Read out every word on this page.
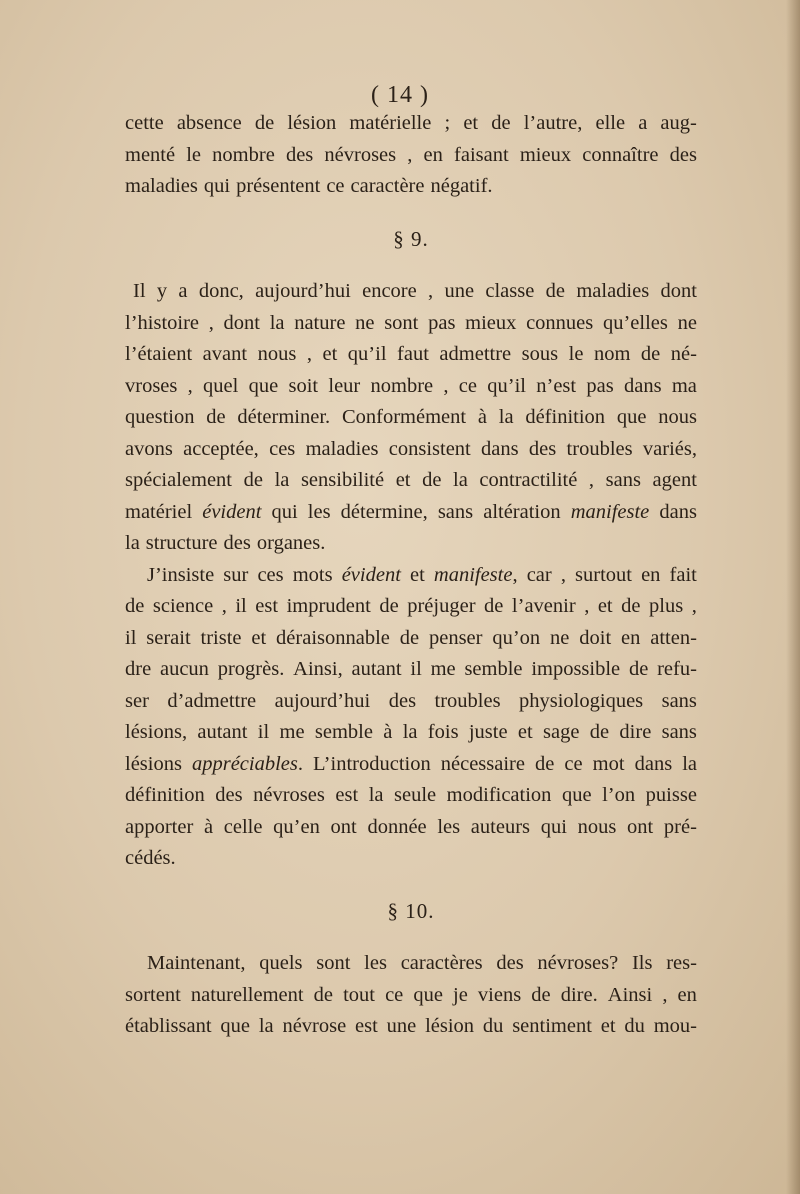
( 14 )
cette absence de lésion matérielle ; et de l’autre, elle a aug-
menté le nombre des névroses , en faisant mieux connaître des
maladies qui présentent ce caractère négatif.
§ 9.
Il y a donc, aujourd’hui encore , une classe de maladies dont
l’histoire , dont la nature ne sont pas mieux connues qu’elles ne
l’étaient avant nous , et qu’il faut admettre sous le nom de né-
vroses , quel que soit leur nombre , ce qu’il n’est pas dans ma
question de déterminer. Conformément à la définition que nous
avons acceptée, ces maladies consistent dans des troubles variés,
spécialement de la sensibilité et de la contractilité , sans agent
matériel évident qui les détermine, sans altération manifeste dans
la structure des organes.
J’insiste sur ces mots évident et manifeste, car , surtout en fait
de science , il est imprudent de préjuger de l’avenir , et de plus ,
il serait triste et déraisonnable de penser qu’on ne doit en atten-
dre aucun progrès. Ainsi, autant il me semble impossible de refu-
ser d’admettre aujourd’hui des troubles physiologiques sans
lésions, autant il me semble à la fois juste et sage de dire sans
lésions appréciables. L’introduction nécessaire de ce mot dans la
définition des névroses est la seule modification que l’on puisse
apporter à celle qu’en ont donnée les auteurs qui nous ont pré-
cédés.
§ 10.
Maintenant, quels sont les caractères des névroses? Ils res-
sortent naturellement de tout ce que je viens de dire. Ainsi , en
établissant que la névrose est une lésion du sentiment et du mou-
